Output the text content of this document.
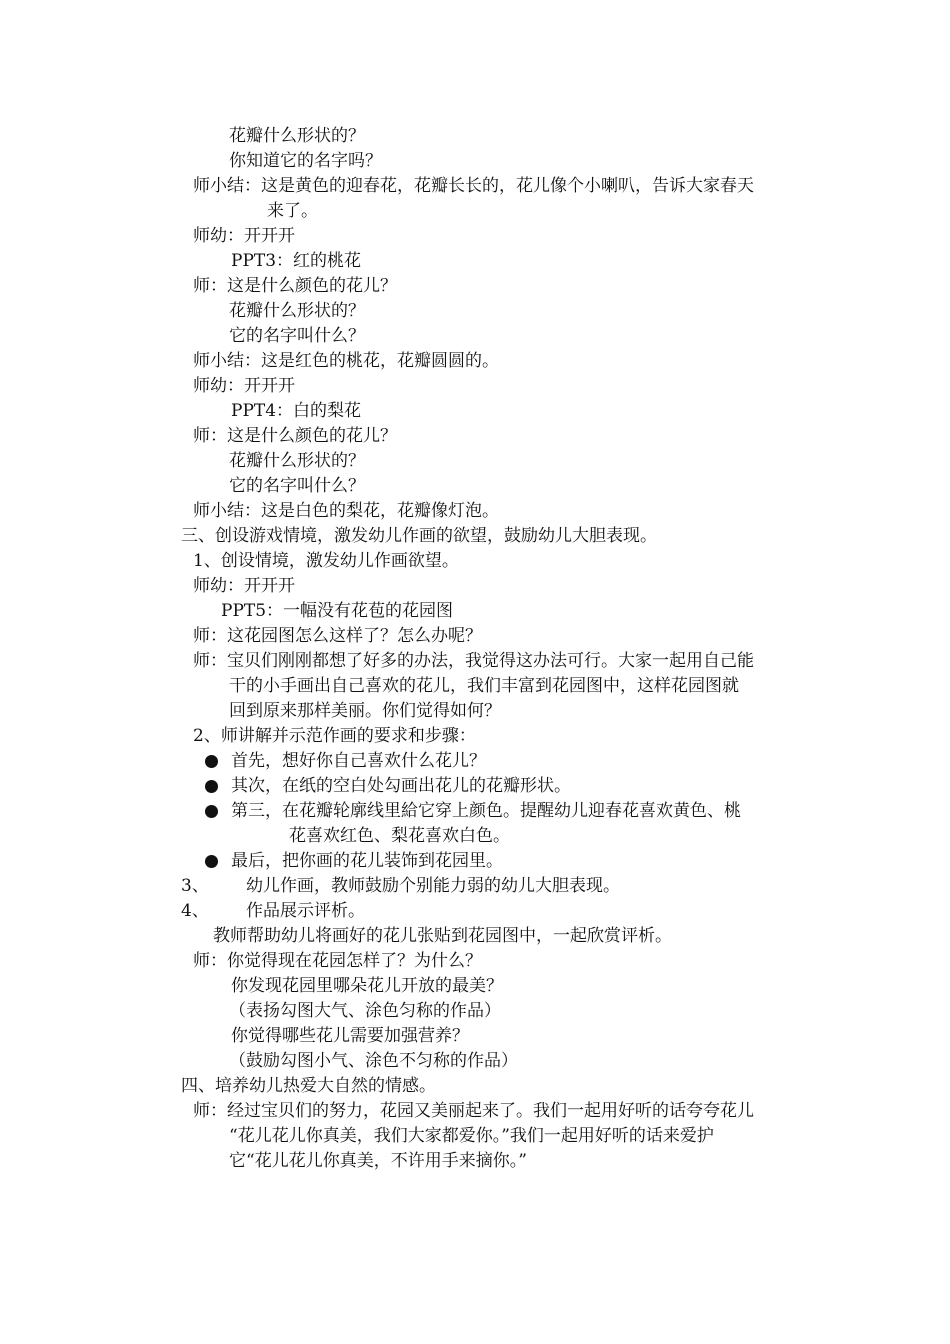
花瓣什么形状的？
你知道它的名字吗？
师小结：这是黄色的迎春花，花瓣长长的，花儿像个小喇叭，告诉大家春天
来了。
师幼：开开开
PPT3：红的桃花
师：这是什么颜色的花儿？
花瓣什么形状的？
它的名字叫什么？
师小结：这是红色的桃花，花瓣圆圆的。
师幼：开开开
PPT4：白的梨花
师：这是什么颜色的花儿？
花瓣什么形状的？
它的名字叫什么？
师小结：这是白色的梨花，花瓣像灯泡。
三、创设游戏情境，激发幼儿作画的欲望，鼓励幼儿大胆表现。
1、创设情境，激发幼儿作画欲望。
师幼：开开开
PPT5：一幅没有花苞的花园图
师：这花园图怎么这样了？怎么办呢？
师：宝贝们刚刚都想了好多的办法，我觉得这办法可行。大家一起用自己能
干的小手画出自己喜欢的花儿，我们丰富到花园图中，这样花园图就
回到原来那样美丽。你们觉得如何？
2、师讲解并示范作画的要求和步骤：
首先，想好你自己喜欢什么花儿？
其次，在纸的空白处勾画出花儿的花瓣形状。
第三，在花瓣轮廓线里給它穿上颜色。提醒幼儿迎春花喜欢黄色、桃
花喜欢红色、梨花喜欢白色。
最后，把你画的花儿装饰到花园里。
3、 幼儿作画，教师鼓励个别能力弱的幼儿大胆表现。
4、 作品展示评析。
教师帮助幼儿将画好的花儿张贴到花园图中，一起欣赏评析。
师：你觉得现在花园怎样了？为什么？
你发现花园里哪朵花儿开放的最美？
（表扬勾图大气、涂色匀称的作品）
你觉得哪些花儿需要加强营养？
（鼓励勾图小气、涂色不匀称的作品）
四、培养幼儿热爱大自然的情感。
师：经过宝贝们的努力，花园又美丽起来了。我们一起用好听的话夸夸花儿
“花儿花儿你真美，我们大家都爱你。”我们一起用好听的话来爱护
它“花儿花儿你真美，不许用手来摘你。”
